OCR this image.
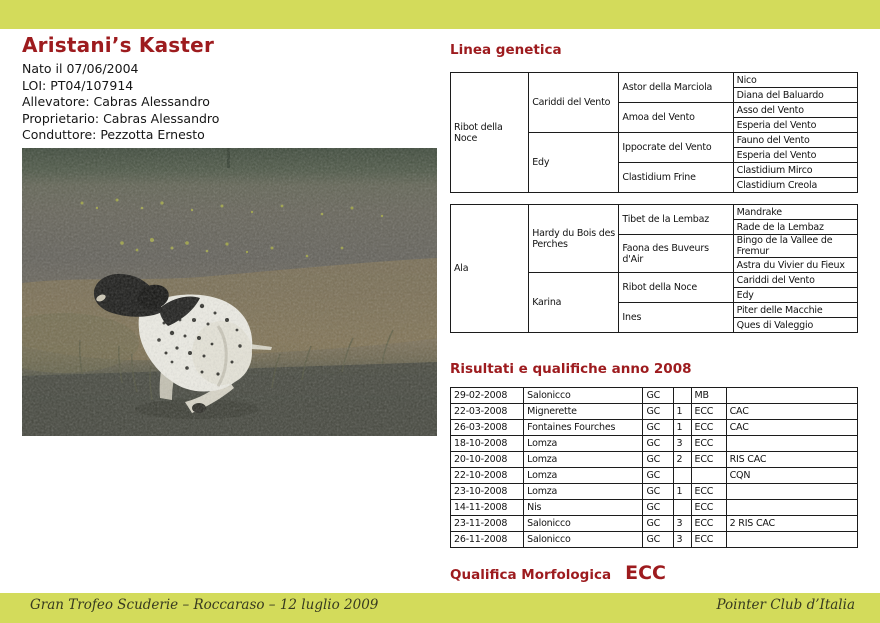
Aristani’s Kaster
Nato il 07/06/2004
LOI: PT04/107914
Allevatore: Cabras Alessandro
Proprietario: Cabras Alessandro
Conduttore: Pezzotta Ernesto
Linea genetica
Ribot della Noce	Cariddi del Vento	Astor della Marciola	Nico
			Diana del Baluardo
		Amoa del Vento	Asso del Vento
			Esperia del Vento
	Edy	Ippocrate del Vento	Fauno del Vento
			Esperia del Vento
		Clastidium Frine	Clastidium Mirco
			Clastidium Creola
Ala	Hardy du Bois des Perches	Tibet de la Lembaz	Mandrake
			Rade de la Lembaz
		Faona des Buveurs d'Air	Bingo de la Vallee de Fremur
			Astra du Vivier du Fieux
	Karina	Ribot della Noce	Cariddi del Vento
			Edy
		Ines	Piter delle Macchie
			Ques di Valeggio
Risultati e qualifiche anno 2008
29-02-2008	Salonicco	GC		MB	
22-03-2008	Mignerette	GC	1	ECC	CAC
26-03-2008	Fontaines Fourches	GC	1	ECC	CAC
18-10-2008	Lomza	GC	3	ECC	
20-10-2008	Lomza	GC	2	ECC	RIS CAC
22-10-2008	Lomza	GC			CQN
23-10-2008	Lomza	GC	1	ECC	
14-11-2008	Nis	GC		ECC	
23-11-2008	Salonicco	GC	3	ECC	2 RIS CAC
26-11-2008	Salonicco	GC	3	ECC	
Qualifica Morfologica ECC
Gran Trofeo Scuderie – Roccaraso – 12 luglio 2009	Pointer Club d’Italia
